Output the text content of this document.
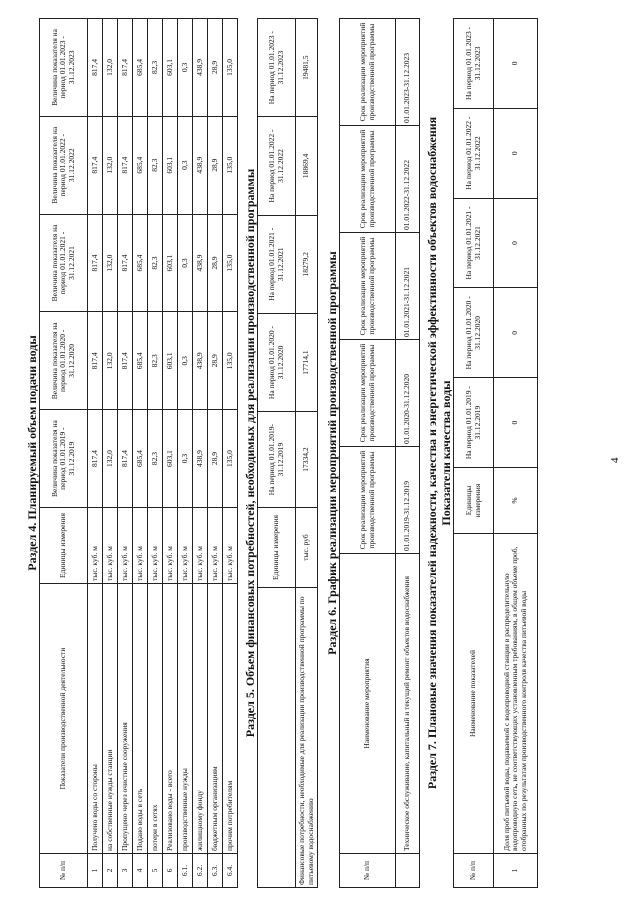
Раздел 4. Планируемый объем подачи воды
№ п/п	Показатели производственной деятельности	Единицы измерения	Величина показателя на период 01.01.2019 - 31.12.2019	Величина показателя на период 01.01.2020 - 31.12.2020	Величина показателя на период 01.01.2021 - 31.12.2021	Величина показателя на период 01.01.2022 - 31.12.2022	Величина показателя на период 01.01.2023 - 31.12.2023
1	Получено воды со стороны	тыс. куб. м	817,4	817,4	817,4	817,4	817,4
2	на собственные нужды станции	тыс. куб. м	132,0	132,0	132,0	132,0	132,0
3	Пропущено через очистные сооружения	тыс. куб. м	817,4	817,4	817,4	817,4	817,4
4	Подано воды в сеть	тыс. куб. м	685,4	685,4	685,4	685,4	685,4
5	потери в сетях	тыс. куб. м	82,3	82,3	82,3	82,3	82,3
6	Реализовано воды - всего	тыс. куб. м	603,1	603,1	603,1	603,1	603,1
6.1.	производственные нужды	тыс. куб. м	0,3	0,3	0,3	0,3	0,3
6.2.	жилищному фонду	тыс. куб. м	438,9	438,9	438,9	438,9	438,9
6.3.	бюджетным организациям	тыс. куб. м	28,9	28,9	28,9	28,9	28,9
6.4.	прочим потребителям	тыс. куб. м	135,0	135,0	135,0	135,0	135,0
Раздел 5. Объем финансовых потребностей, необходимых для реализации производственной программы
	Единицы измерения	На период 01.01.2019-31.12.2019	На период 01.01.2020 - 31.12.2020	На период 01.01.2021 - 31.12.2021	На период 01.01.2022 - 31.12.2022	На период 01.01.2023 - 31.12.2023
Финансовые потребности, необходимые для реализации производственной программы по питьевому водоснабжению	тыс. руб	17334,2	17714,1	18279,2	18869,4	19481,5
Раздел 6. График реализации мероприятий производственной программы
№ п/п	Наименование мероприятия	Срок реализации мероприятий производственной программы	Срок реализации мероприятий производственной программы	Срок реализации мероприятий производственной программы	Срок реализации мероприятий производственной программы	Срок реализации мероприятий производственной программы
	Техническое обслуживание, капитальный и текущий ремонт объектов водоснабжения	01.01.2019-31.12.2019	01.01.2020-31.12.2020	01.01.2021-31.12.2021	01.01.2022-31.12.2022	01.01.2023-31.12.2023
Раздел 7. Плановые значения показателей надежности, качества и энергетической эффективности объектов водоснабжения Показатели качества воды
№ п/п	Наименование показателей	Единицы измерения	На период 01.01.2019 - 31.12.2019	На период 01.01.2020 - 31.12.2020	На период 01.01.2021 - 31.12.2021	На период 01.01.2022 - 31.12.2022	На период 01.01.2023 - 31.12.2023
1	Доля проб питьевой воды, подаваемой с водопроводной станции в распределительную водопроводную сеть, не соответствующих установленным требованиям, в общем объеме проб, отобранных по результатам производственного контроля качества питьевой воды	%	0	0	0	0	0
4
